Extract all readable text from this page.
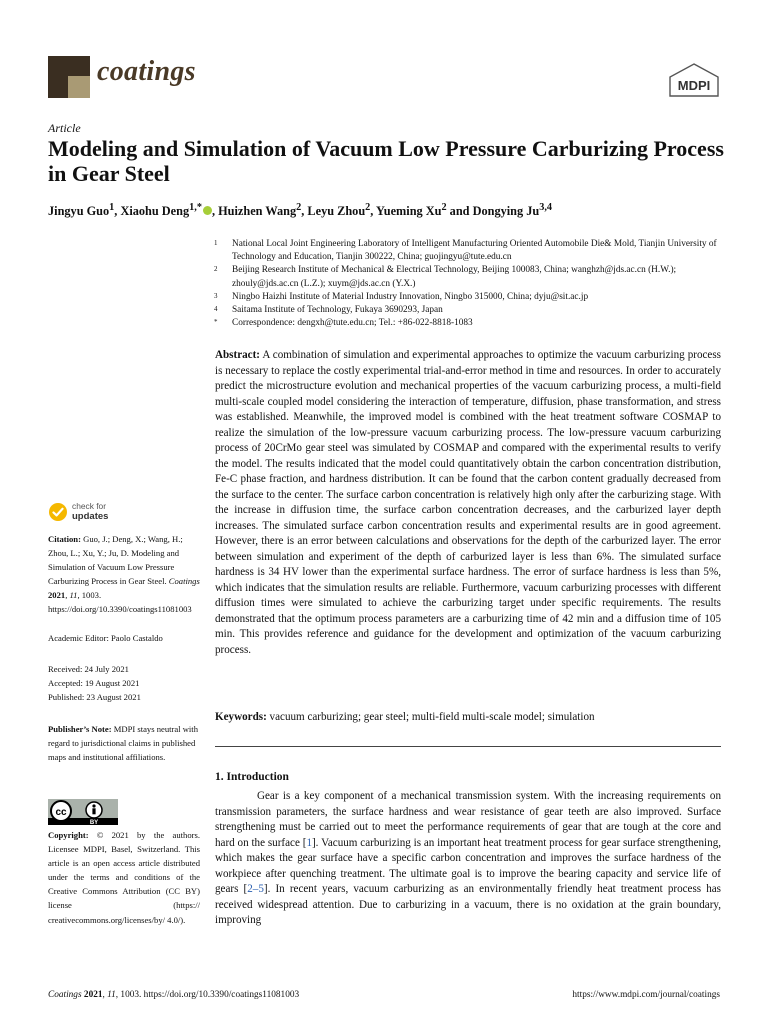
coatings	MDPI
Article
Modeling and Simulation of Vacuum Low Pressure Carburizing Process in Gear Steel
Jingyu Guo$^1$, Xiaohu Deng$^{1,*}$ , Huizhen Wang$^2$, Leyu Zhou$^2$, Yueming Xu$^2$ and Dongying Ju$^{3,4}$
1 National Local Joint Engineering Laboratory of Intelligent Manufacturing Oriented Automobile Die& Mold, Tianjin University of Technology and Education, Tianjin 300222, China; guojingyu@tute.edu.cn
2 Beijing Research Institute of Mechanical & Electrical Technology, Beijing 100083, China; wanghzh@jds.ac.cn (H.W.); zhouly@jds.ac.cn (L.Z.); xuym@jds.ac.cn (Y.X.)
3 Ningbo Haizhi Institute of Material Industry Innovation, Ningbo 315000, China; dyju@sit.ac.jp
4 Saitama Institute of Technology, Fukaya 3690293, Japan
* Correspondence: dengxh@tute.edu.cn; Tel.: +86-022-8818-1083
Abstract: A combination of simulation and experimental approaches to optimize the vacuum carburizing process is necessary to replace the costly experimental trial-and-error method in time and resources. In order to accurately predict the microstructure evolution and mechanical properties of the vacuum carburizing process, a multi-field multi-scale coupled model considering the interaction of temperature, diffusion, phase transformation, and stress was established. Meanwhile, the improved model is combined with the heat treatment software COSMAP to realize the simulation of the low-pressure vacuum carburizing process. The low-pressure vacuum carburizing process of 20CrMo gear steel was simulated by COSMAP and compared with the experimental results to verify the model. The results indicated that the model could quantitatively obtain the carbon concentration distribution, Fe-C phase fraction, and hardness distribution. It can be found that the carbon content gradually decreased from the surface to the center. The surface carbon concentration is relatively high only after the carburizing stage. With the increase in diffusion time, the surface carbon concentration decreases, and the carburized layer depth increases. The simulated surface carbon concentration results and experimental results are in good agreement. However, there is an error between calculations and observations for the depth of the carburized layer. The error between simulation and experiment of the depth of carburized layer is less than 6%. The simulated surface hardness is 34 HV lower than the experimental surface hardness. The error of surface hardness is less than 5%, which indicates that the simulation results are reliable. Furthermore, vacuum carburizing processes with different diffusion times were simulated to achieve the carburizing target under specific requirements. The results demonstrated that the optimum process parameters are a carburizing time of 42 min and a diffusion time of 105 min. This provides reference and guidance for the development and optimization of the vacuum carburizing process.
Keywords: vacuum carburizing; gear steel; multi-field multi-scale model; simulation
1. Introduction
Gear is a key component of a mechanical transmission system. With the increasing requirements on transmission parameters, the surface hardness and wear resistance of gear teeth are also improved. Surface strengthening must be carried out to meet the performance requirements of gear that are tough at the core and hard on the surface [1]. Vacuum carburizing is an important heat treatment process for gear surface strengthening, which makes the gear surface have a specific carbon concentration and improves the surface hardness of the workpiece after quenching treatment. The ultimate goal is to improve the bearing capacity and service life of gears [2–5]. In recent years, vacuum carburizing as an environmentally friendly heat treatment process has received widespread attention. Due to carburizing in a vacuum, there is no oxidation at the grain boundary, improving
check for
updates
Citation: Guo, J.; Deng, X.; Wang, H.; Zhou, L.; Xu, Y.; Ju, D. Modeling and Simulation of Vacuum Low Pressure Carburizing Process in Gear Steel. Coatings 2021, 11, 1003. https://doi.org/10.3390/coatings11081003
Academic Editor: Paolo Castaldo
Received: 24 July 2021
Accepted: 19 August 2021
Published: 23 August 2021
Publisher’s Note: MDPI stays neutral with regard to jurisdictional claims in published maps and institutional affiliations.
cc
BY
Copyright: © 2021 by the authors. Licensee MDPI, Basel, Switzerland. This article is an open access article distributed under the terms and conditions of the Creative Commons Attribution (CC BY) license (https:// creativecommons.org/licenses/by/ 4.0/).
Coatings 2021, 11, 1003. https://doi.org/10.3390/coatings11081003	https://www.mdpi.com/journal/coatings
